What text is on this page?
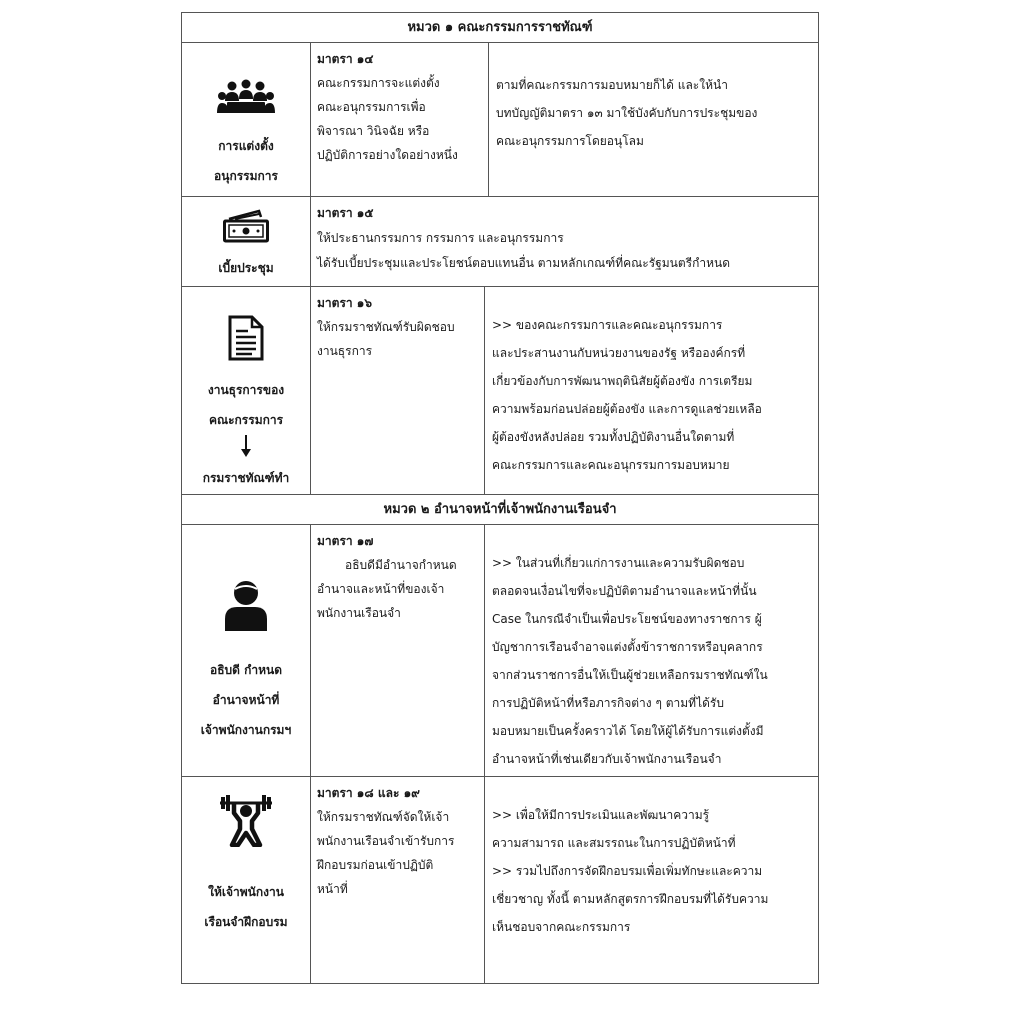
หมวด ๑ คณะกรรมการราชทัณฑ์
การแต่งตั้ง
อนุกรรมการ
มาตรา ๑๔
คณะกรรมการจะแต่งตั้ง
คณะอนุกรรมการเพื่อ
พิจารณา วินิจฉัย หรือ
ปฏิบัติการอย่างใดอย่างหนึ่ง
ตามที่คณะกรรมการมอบหมายก็ได้ และให้นำ
บทบัญญัติมาตรา ๑๓ มาใช้บังคับกับการประชุมของ
คณะอนุกรรมการโดยอนุโลม
เบี้ยประชุม
มาตรา ๑๕
ให้ประธานกรรมการ กรรมการ และอนุกรรมการ
ได้รับเบี้ยประชุมและประโยชน์ตอบแทนอื่น ตามหลักเกณฑ์ที่คณะรัฐมนตรีกำหนด
งานธุรการของ
คณะกรรมการ
กรมราชทัณฑ์ทำ
มาตรา ๑๖
ให้กรมราชทัณฑ์รับผิดชอบ
งานธุรการ
>> ของคณะกรรมการและคณะอนุกรรมการ
และประสานงานกับหน่วยงานของรัฐ หรือองค์กรที่
เกี่ยวข้องกับการพัฒนาพฤตินิสัยผู้ต้องขัง การเตรียม
ความพร้อมก่อนปล่อยผู้ต้องขัง และการดูแลช่วยเหลือ
ผู้ต้องขังหลังปล่อย รวมทั้งปฏิบัติงานอื่นใดตามที่
คณะกรรมการและคณะอนุกรรมการมอบหมาย
หมวด ๒ อำนาจหน้าที่เจ้าพนักงานเรือนจำ
อธิบดี กำหนด
อำนาจหน้าที่
เจ้าพนักงานกรมฯ
มาตรา ๑๗
อธิบดีมีอำนาจกำหนด
อำนาจและหน้าที่ของเจ้า
พนักงานเรือนจำ
>> ในส่วนที่เกี่ยวแก่การงานและความรับผิดชอบ
ตลอดจนเงื่อนไขที่จะปฏิบัติตามอำนาจและหน้าที่นั้น
Case ในกรณีจำเป็นเพื่อประโยชน์ของทางราชการ ผู้
บัญชาการเรือนจำอาจแต่งตั้งข้าราชการหรือบุคลากร
จากส่วนราชการอื่นให้เป็นผู้ช่วยเหลือกรมราชทัณฑ์ใน
การปฏิบัติหน้าที่หรือภารกิจต่าง ๆ ตามที่ได้รับ
มอบหมายเป็นครั้งคราวได้ โดยให้ผู้ได้รับการแต่งตั้งมี
อำนาจหน้าที่เช่นเดียวกับเจ้าพนักงานเรือนจำ
ให้เจ้าพนักงาน
เรือนจำฝึกอบรม
มาตรา ๑๘ และ ๑๙
ให้กรมราชทัณฑ์จัดให้เจ้า
พนักงานเรือนจำเข้ารับการ
ฝึกอบรมก่อนเข้าปฏิบัติ
หน้าที่
>> เพื่อให้มีการประเมินและพัฒนาความรู้
ความสามารถ และสมรรถนะในการปฏิบัติหน้าที่
>> รวมไปถึงการจัดฝึกอบรมเพื่อเพิ่มทักษะและความ
เชี่ยวชาญ ทั้งนี้ ตามหลักสูตรการฝึกอบรมที่ได้รับความ
เห็นชอบจากคณะกรรมการ
